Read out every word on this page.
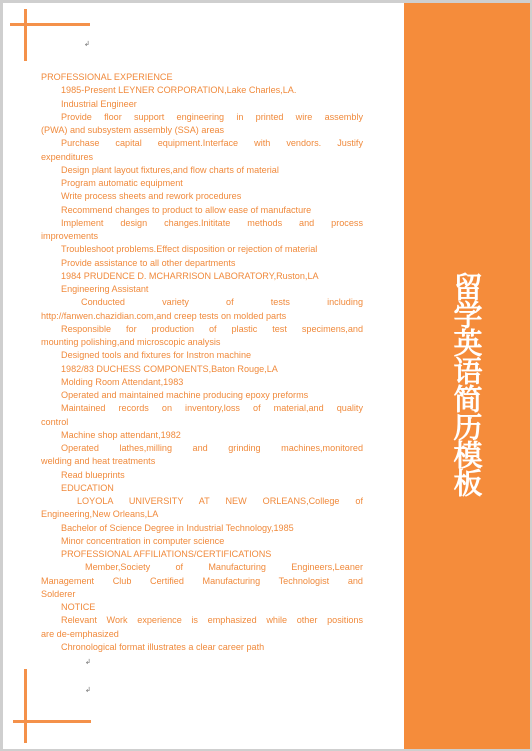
留学英语简历模板
↲
PROFESSIONAL EXPERIENCE
1985-Present LEYNER CORPORATION,Lake Charles,LA.
Industrial Engineer
Provide floor support engineering in printed wire assembly
(PWA) and subsystem assembly (SSA) areas
Purchase capital equipment.Interface with vendors. Justify
expenditures
Design plant layout fixtures,and flow charts of material
Program automatic equipment
Write process sheets and rework procedures
Recommend changes to product to allow ease of manufacture
Implement design changes.Inititate methods and process
improvements
Troubleshoot problems.Effect disposition or rejection of material
Provide assistance to all other departments
1984 PRUDENCE D. MCHARRISON LABORATORY,Ruston,LA
Engineering Assistant
Conducted variety of tests including
http://fanwen.chazidian.com,and creep tests on molded parts
Responsible for production of plastic test specimens,and
mounting polishing,and microscopic analysis
Designed tools and fixtures for Instron machine
1982/83 DUCHESS COMPONENTS,Baton Rouge,LA
Molding Room Attendant,1983
Operated and maintained machine producing epoxy preforms
Maintained records on inventory,loss of material,and quality
control
Machine shop attendant,1982
Operated lathes,milling and grinding machines,monitored
welding and heat treatments
Read blueprints
EDUCATION
LOYOLA UNIVERSITY AT NEW ORLEANS,College of
Engineering,New Orleans,LA
Bachelor of Science Degree in Industrial Technology,1985
Minor concentration in computer science
PROFESSIONAL AFFILIATIONS/CERTIFICATIONS
Member,Society of Manufacturing Engineers,Leaner
Management Club Certified Manufacturing Technologist and
Solderer
NOTICE
Relevant Work experience is emphasized while other positions
are de-emphasized
Chronological format illustrates a clear career path
↲
↲
